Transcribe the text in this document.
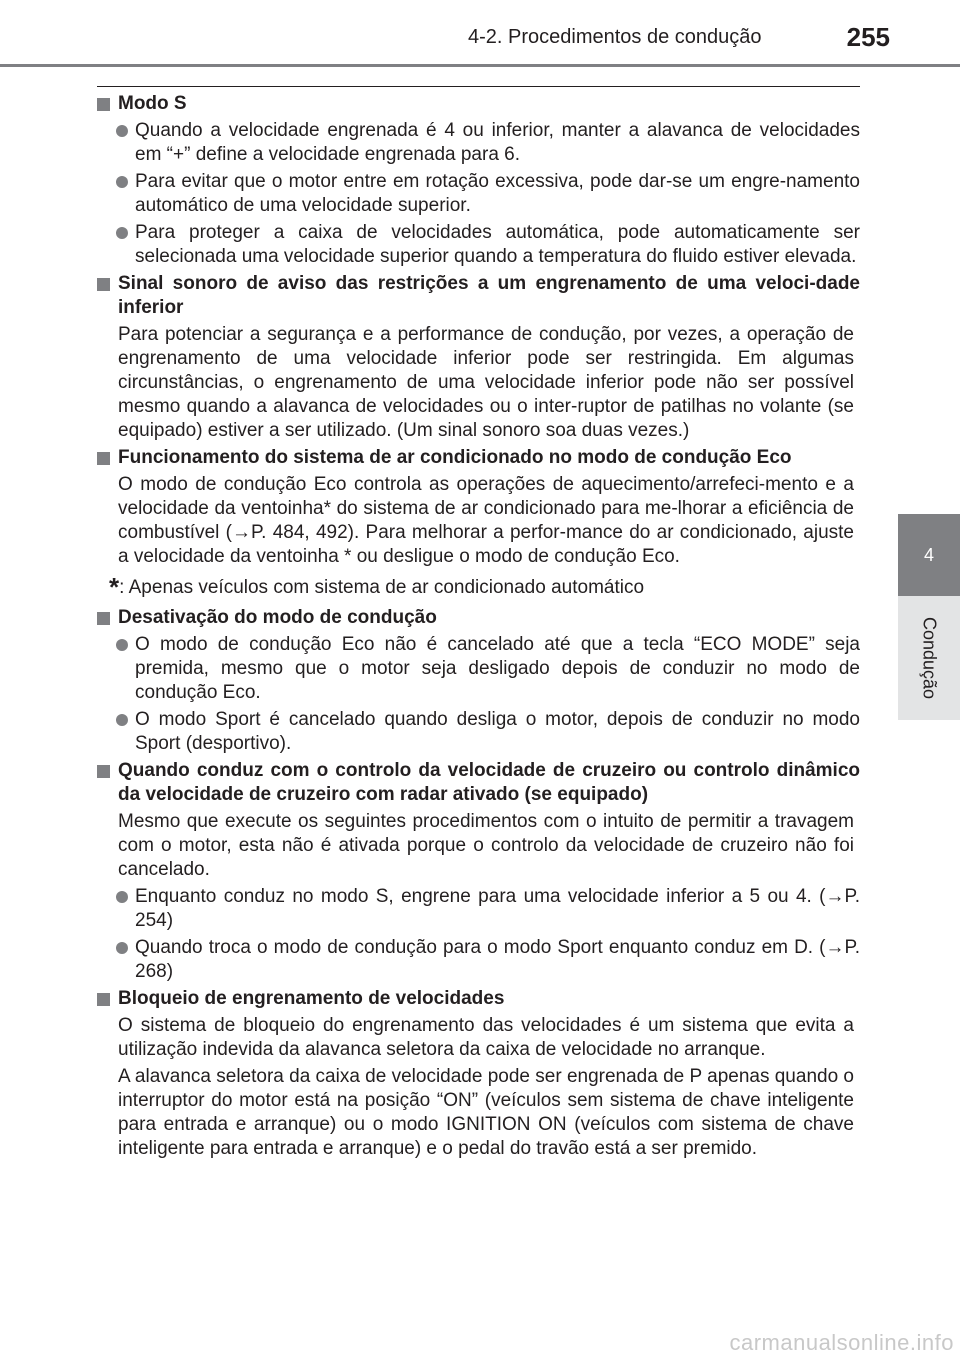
4-2. Procedimentos de condução	255
4
Condução
Modo S
Quando a velocidade engrenada é 4 ou inferior, manter a alavanca de velocidades em “+” define a velocidade engrenada para 6.
Para evitar que o motor entre em rotação excessiva, pode dar-se um engre-namento automático de uma velocidade superior.
Para proteger a caixa de velocidades automática, pode automaticamente ser selecionada uma velocidade superior quando a temperatura do fluido estiver elevada.
Sinal sonoro de aviso das restrições a um engrenamento de uma veloci-dade inferior
Para potenciar a segurança e a performance de condução, por vezes, a operação de engrenamento de uma velocidade inferior pode ser restringida. Em algumas circunstâncias, o engrenamento de uma velocidade inferior pode não ser possível mesmo quando a alavanca de velocidades ou o inter-ruptor de patilhas no volante (se equipado) estiver a ser utilizado. (Um sinal sonoro soa duas vezes.)
Funcionamento do sistema de ar condicionado no modo de condução Eco
O modo de condução Eco controla as operações de aquecimento/arrefeci-mento e a velocidade da ventoinha* do sistema de ar condicionado para me-lhorar a eficiência de combustível (→P. 484, 492). Para melhorar a perfor-mance do ar condicionado, ajuste a velocidade da ventoinha * ou desligue o modo de condução Eco.
*: Apenas veículos com sistema de ar condicionado automático
Desativação do modo de condução
O modo de condução Eco não é cancelado até que a tecla “ECO MODE” seja premida, mesmo que o motor seja desligado depois de conduzir no modo de condução Eco.
O modo Sport é cancelado quando desliga o motor, depois de conduzir no modo Sport (desportivo).
Quando conduz com o controlo da velocidade de cruzeiro ou controlo dinâmico da velocidade de cruzeiro com radar ativado (se equipado)
Mesmo que execute os seguintes procedimentos com o intuito de permitir a travagem com o motor, esta não é ativada porque o controlo da velocidade de cruzeiro não foi cancelado.
Enquanto conduz no modo S, engrene para uma velocidade inferior a 5 ou 4. (→P. 254)
Quando troca o modo de condução para o modo Sport enquanto conduz em D. (→P. 268)
Bloqueio de engrenamento de velocidades
O sistema de bloqueio do engrenamento das velocidades é um sistema que evita a utilização indevida da alavanca seletora da caixa de velocidade no arranque.
A alavanca seletora da caixa de velocidade pode ser engrenada de P apenas quando o interruptor do motor está na posição “ON” (veículos sem sistema de chave inteligente para entrada e arranque) ou o modo IGNITION ON (veículos com sistema de chave inteligente para entrada e arranque) e o pedal do travão está a ser premido.
carmanualsonline.info
